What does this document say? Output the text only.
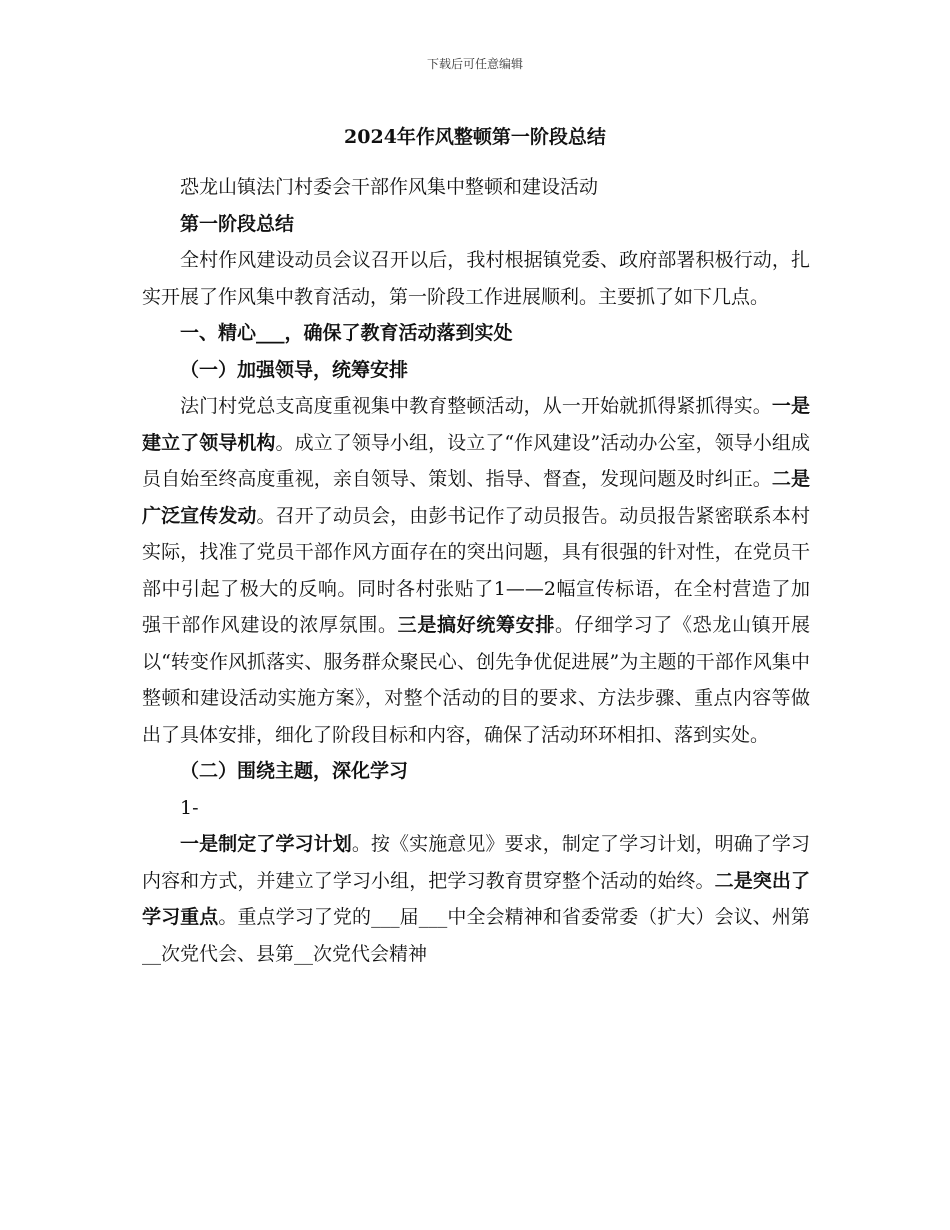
下载后可任意编辑
2024年作风整顿第一阶段总结

恐龙山镇法门村委会干部作风集中整顿和建设活动

第一阶段总结

全村作风建设动员会议召开以后，我村根据镇党委、政府部署积极行动，扎实开展了作风集中教育活动，第一阶段工作进展顺利。主要抓了如下几点。

一、精心___，确保了教育活动落到实处

（一）加强领导，统筹安排

法门村党总支高度重视集中教育整顿活动，从一开始就抓得紧抓得实。一是建立了领导机构。成立了领导小组，设立了“作风建设”活动办公室，领导小组成员自始至终高度重视，亲自领导、策划、指导、督查，发现问题及时纠正。二是广泛宣传发动。召开了动员会，由彭书记作了动员报告。动员报告紧密联系本村实际，找准了党员干部作风方面存在的突出问题，具有很强的针对性，在党员干部中引起了极大的反响。同时各村张贴了1——2幅宣传标语，在全村营造了加强干部作风建设的浓厚氛围。三是搞好统筹安排。仔细学习了《恐龙山镇开展以“转变作风抓落实、服务群众聚民心、创先争优促进展”为主题的干部作风集中整顿和建设活动实施方案》，对整个活动的目的要求、方法步骤、重点内容等做出了具体安排，细化了阶段目标和内容，确保了活动环环相扣、落到实处。

（二）围绕主题，深化学习

1-

一是制定了学习计划。按《实施意见》要求，制定了学习计划，明确了学习内容和方式，并建立了学习小组，把学习教育贯穿整个活动的始终。二是突出了学习重点。重点学习了党的___届___中全会精神和省委常委（扩大）会议、州第__次党代会、县第__次党代会精神
